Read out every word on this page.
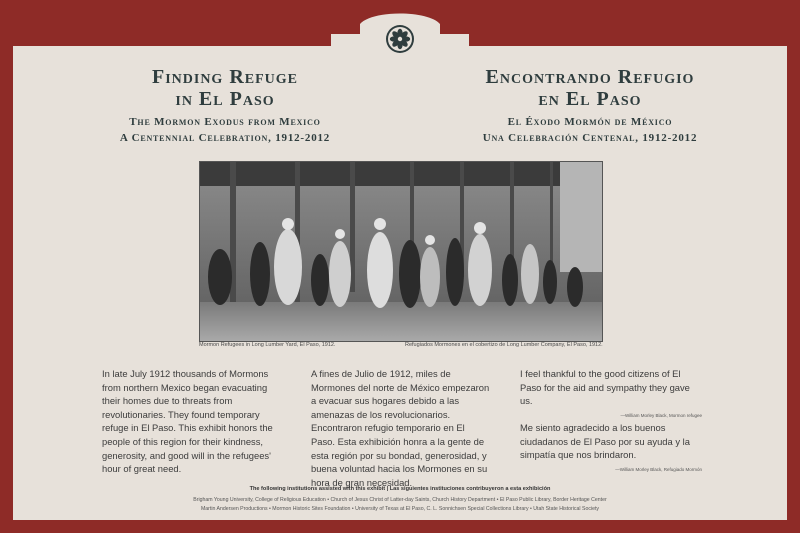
Finding Refuge
in El Paso
The Mormon Exodus from Mexico
A Centennial Celebration, 1912-2012
Encontrando Refugio
en El Paso
El Éxodo Mormón de México
Una Celebración Centenal, 1912-2012
Mormon Refugees in Long Lumber Yard, El Paso, 1912.	Refugiados Mormones en el cobertizo de Long Lumber Company, El Paso, 1912.
In late July 1912 thousands of Mormons from northern Mexico began evacuating their homes due to threats from revolutionaries. They found temporary refuge in El Paso. This exhibit honors the people of this region for their kindness, generosity, and good will in the refugees' hour of great need.
A fines de Julio de 1912, miles de Mormones del norte de México empezaron a evacuar sus hogares debido a las amenazas de los revolucionarios. Encontraron refugio temporario en El Paso. Esta exhibición honra a la gente de esta región por su bondad, generosidad, y buena voluntad hacia los Mormones en su hora de gran necesidad.
I feel thankful to the good citizens of El Paso for the aid and sympathy they gave us.
—William Morley Black, Mormon refugee
Me siento agradecido a los buenos ciudadanos de El Paso por su ayuda y la simpatía que nos brindaron.
—William Morley Black, Refugiado Mormón
The following institutions assisted with this exhibit | Las siguientes instituciones contribuyeron a esta exhibición
Brigham Young University, College of Religious Education • Church of Jesus Christ of Latter-day Saints, Church History Department • El Paso Public Library, Border Heritage Center
Martin Andersen Productions • Mormon Historic Sites Foundation • University of Texas at El Paso, C. L. Sonnichsen Special Collections Library • Utah State Historical Society
